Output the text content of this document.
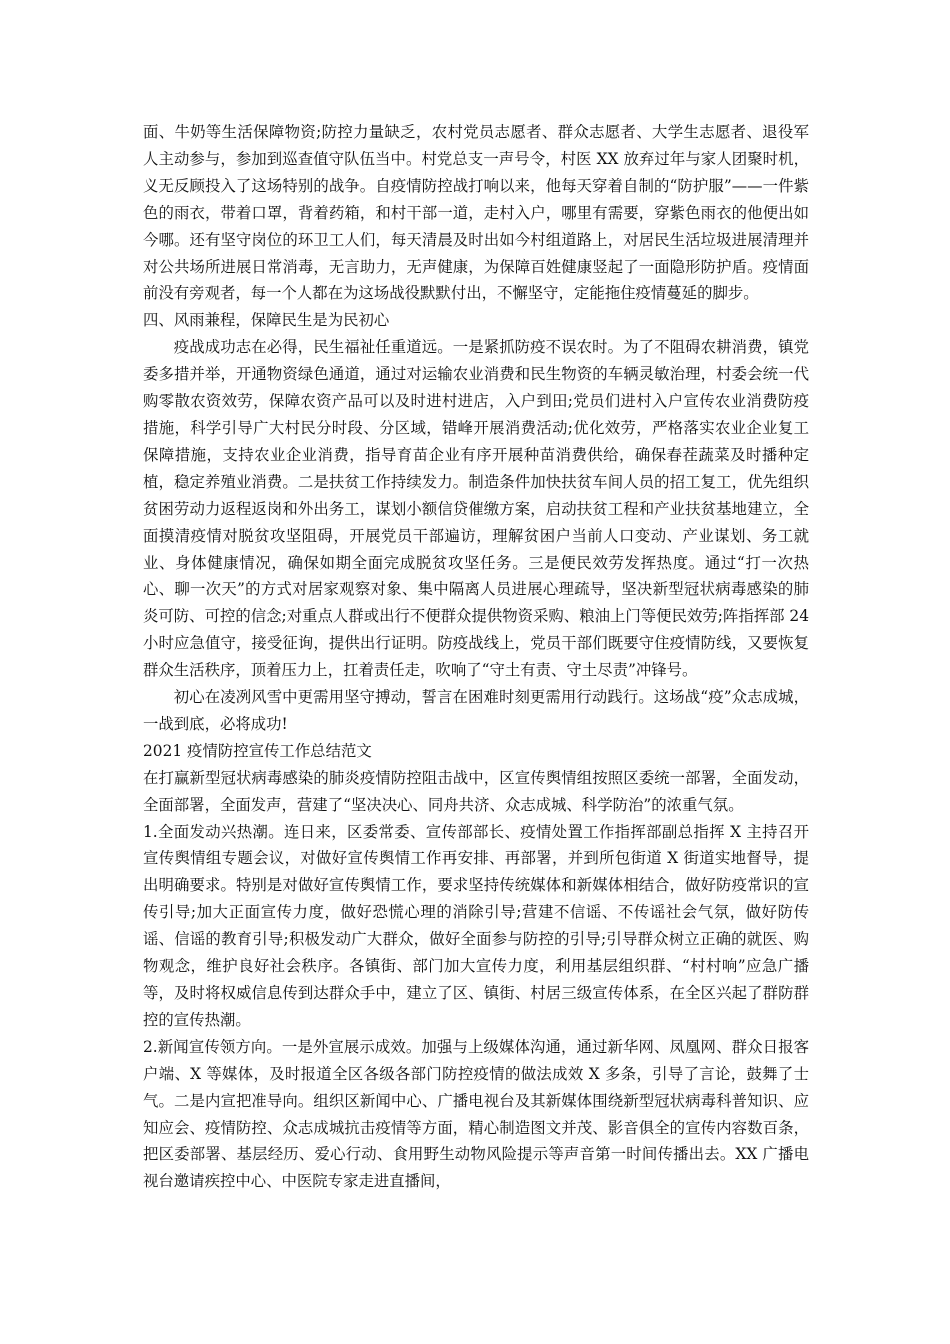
面、牛奶等生活保障物资;防控力量缺乏，农村党员志愿者、群众志愿者、大学生志愿者、退役军人主动参与，参加到巡查值守队伍当中。村党总支一声号令，村医 XX 放弃过年与家人团聚时机，义无反顾投入了这场特别的战争。自疫情防控战打响以来，他每天穿着自制的“防护服”——一件紫色的雨衣，带着口罩，背着药箱，和村干部一道，走村入户，哪里有需要，穿紫色雨衣的他便出如今哪。还有坚守岗位的环卫工人们，每天清晨及时出如今村组道路上，对居民生活垃圾进展清理并对公共场所进展日常消毒，无言助力，无声健康，为保障百姓健康竖起了一面隐形防护盾。疫情面前没有旁观者，每一个人都在为这场战役默默付出，不懈坚守，定能拖住疫情蔓延的脚步。

四、风雨兼程，保障民生是为民初心

疫战成功志在必得，民生福祉任重道远。一是紧抓防疫不误农时。为了不阻碍农耕消费，镇党委多措并举，开通物资绿色通道，通过对运输农业消费和民生物资的车辆灵敏治理，村委会统一代购零散农资效劳，保障农资产品可以及时进村进店，入户到田;党员们进村入户宣传农业消费防疫措施，科学引导广大村民分时段、分区域，错峰开展消费活动;优化效劳，严格落实农业企业复工保障措施，支持农业企业消费，指导育苗企业有序开展种苗消费供给，确保春茬蔬菜及时播种定植，稳定养殖业消费。二是扶贫工作持续发力。制造条件加快扶贫车间人员的招工复工，优先组织贫困劳动力返程返岗和外出务工，谋划小额信贷催缴方案，启动扶贫工程和产业扶贫基地建立，全面摸清疫情对脱贫攻坚阻碍，开展党员干部遍访，理解贫困户当前人口变动、产业谋划、务工就业、身体健康情况，确保如期全面完成脱贫攻坚任务。三是便民效劳发挥热度。通过“打一次热心、聊一次天”的方式对居家观察对象、集中隔离人员进展心理疏导，坚决新型冠状病毒感染的肺炎可防、可控的信念;对重点人群或出行不便群众提供物资采购、粮油上门等便民效劳;阵指挥部 24 小时应急值守，接受征询，提供出行证明。防疫战线上，党员干部们既要守住疫情防线，又要恢复群众生活秩序，顶着压力上，扛着责任走，吹响了“守土有责、守土尽责”冲锋号。

初心在凌冽风雪中更需用坚守搏动，誓言在困难时刻更需用行动践行。这场战“疫”众志成城，一战到底，必将成功!

2021 疫情防控宣传工作总结范文

在打赢新型冠状病毒感染的肺炎疫情防控阻击战中，区宣传舆情组按照区委统一部署，全面发动，全面部署，全面发声，营建了“坚决决心、同舟共济、众志成城、科学防治”的浓重气氛。

1.全面发动兴热潮。连日来，区委常委、宣传部部长、疫情处置工作指挥部副总指挥 X 主持召开宣传舆情组专题会议，对做好宣传舆情工作再安排、再部署，并到所包街道 X 街道实地督导，提出明确要求。特别是对做好宣传舆情工作，要求坚持传统媒体和新媒体相结合，做好防疫常识的宣传引导;加大正面宣传力度，做好恐慌心理的消除引导;营建不信谣、不传谣社会气氛，做好防传谣、信谣的教育引导;积极发动广大群众，做好全面参与防控的引导;引导群众树立正确的就医、购物观念，维护良好社会秩序。各镇街、部门加大宣传力度，利用基层组织群、“村村响”应急广播等，及时将权威信息传到达群众手中，建立了区、镇街、村居三级宣传体系，在全区兴起了群防群控的宣传热潮。

2.新闻宣传领方向。一是外宣展示成效。加强与上级媒体沟通，通过新华网、凤凰网、群众日报客户端、X 等媒体，及时报道全区各级各部门防控疫情的做法成效 X 多条，引导了言论，鼓舞了士气。二是内宣把准导向。组织区新闻中心、广播电视台及其新媒体围绕新型冠状病毒科普知识、应知应会、疫情防控、众志成城抗击疫情等方面，精心制造图文并茂、影音俱全的宣传内容数百条，把区委部署、基层经历、爱心行动、食用野生动物风险提示等声音第一时间传播出去。XX 广播电视台邀请疾控中心、中医院专家走进直播间，
